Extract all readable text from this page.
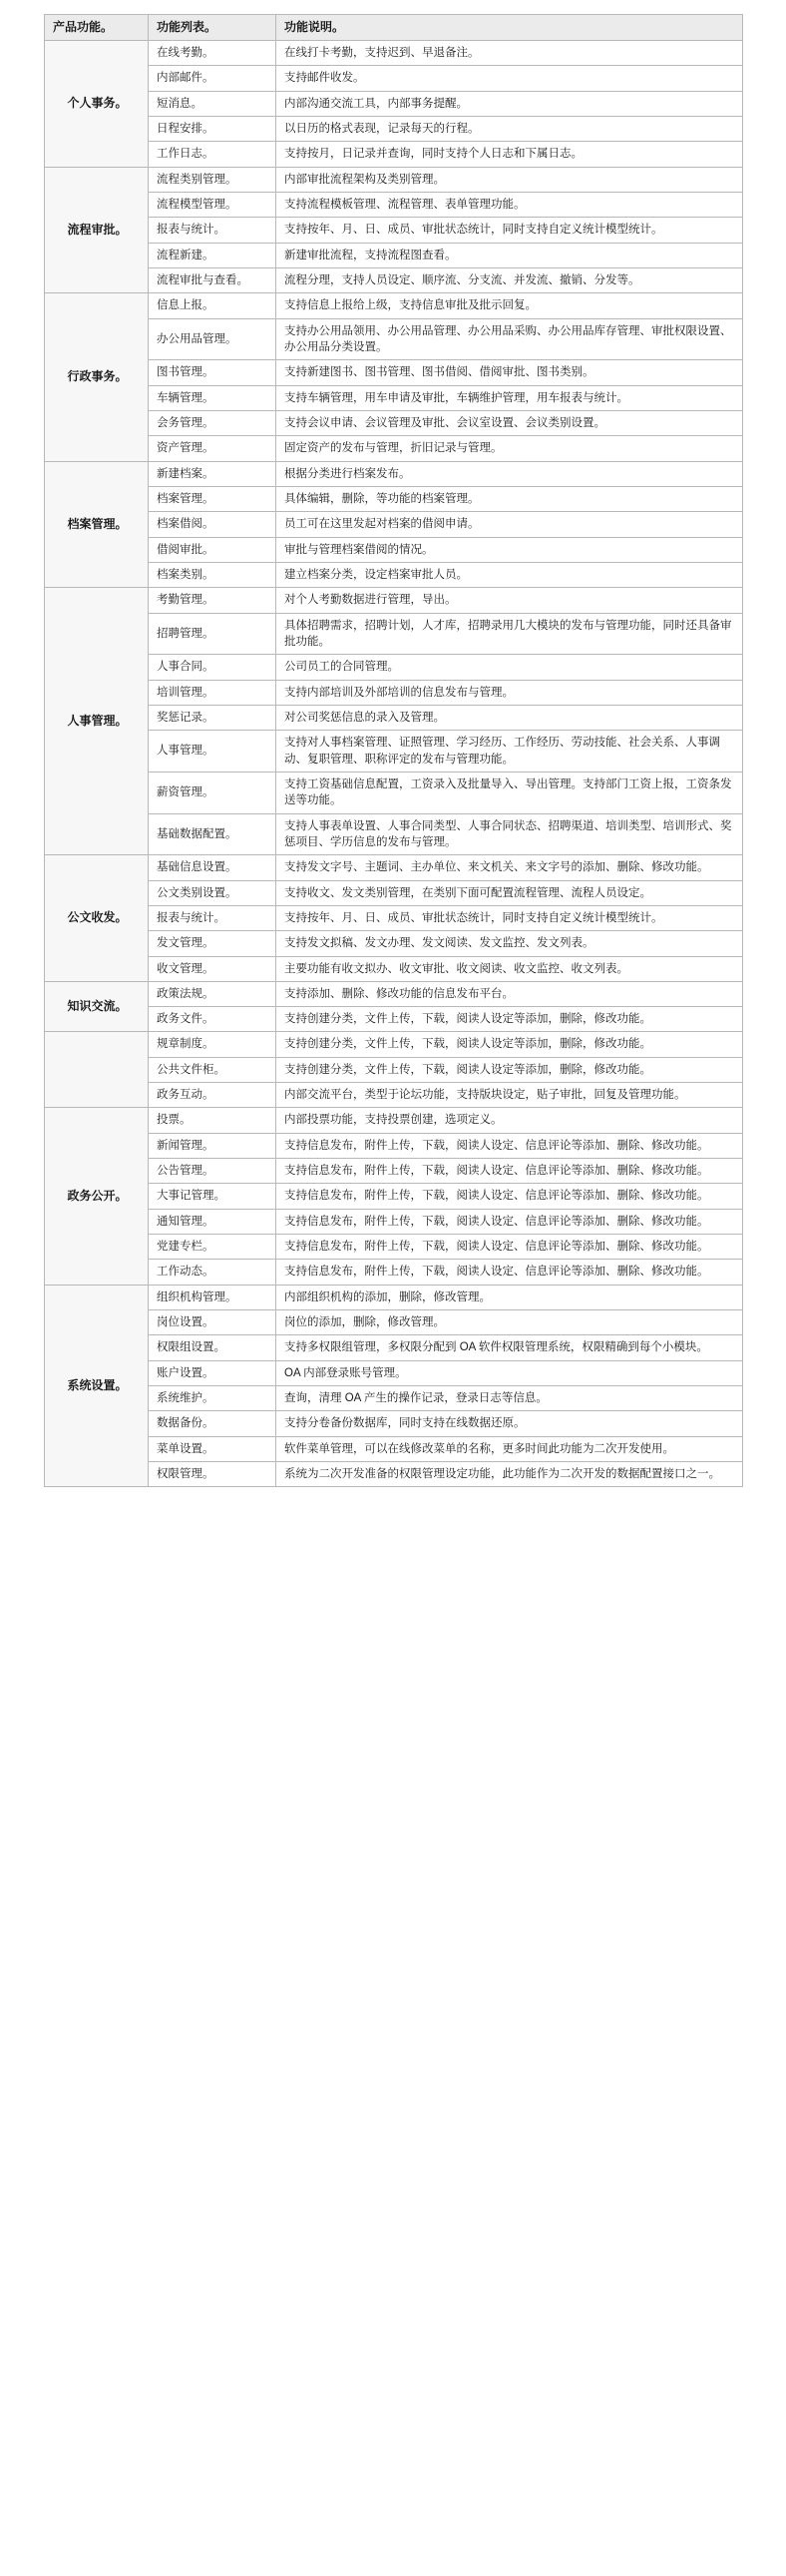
产品功能。	功能列表。	功能说明。
个人事务。	在线考勤。	在线打卡考勤，支持迟到、早退备注。
	内部邮件。	支持邮件收发。
	短消息。	内部沟通交流工具，内部事务提醒。
	日程安排。	以日历的格式表现，记录每天的行程。
	工作日志。	支持按月，日记录并查询，同时支持个人日志和下属日志。
流程审批。	流程类别管理。	内部审批流程架构及类别管理。
	流程模型管理。	支持流程模板管理、流程管理、表单管理功能。
	报表与统计。	支持按年、月、日、成员、审批状态统计，同时支持自定义统计模型统计。
	流程新建。	新建审批流程，支持流程图查看。
	流程审批与查看。	流程分理，支持人员设定、顺序流、分支流、并发流、撤销、分发等。
行政事务。	信息上报。	支持信息上报给上级，支持信息审批及批示回复。
	办公用品管理。	支持办公用品领用、办公用品管理、办公用品采购、办公用品库存管理、审批权限设置、办公用品分类设置。
	图书管理。	支持新建图书、图书管理、图书借阅、借阅审批、图书类别。
	车辆管理。	支持车辆管理，用车申请及审批，车辆维护管理，用车报表与统计。
	会务管理。	支持会议申请、会议管理及审批、会议室设置、会议类别设置。
	资产管理。	固定资产的发布与管理，折旧记录与管理。
档案管理。	新建档案。	根据分类进行档案发布。
	档案管理。	具体编辑，删除，等功能的档案管理。
	档案借阅。	员工可在这里发起对档案的借阅申请。
	借阅审批。	审批与管理档案借阅的情况。
	档案类别。	建立档案分类，设定档案审批人员。
人事管理。	考勤管理。	对个人考勤数据进行管理，导出。
	招聘管理。	具体招聘需求，招聘计划，人才库，招聘录用几大模块的发布与管理功能，同时还具备审批功能。
	人事合同。	公司员工的合同管理。
	培训管理。	支持内部培训及外部培训的信息发布与管理。
	奖惩记录。	对公司奖惩信息的录入及管理。
	人事管理。	支持对人事档案管理、证照管理、学习经历、工作经历、劳动技能、社会关系、人事调动、复职管理、职称评定的发布与管理功能。
	薪资管理。	支持工资基础信息配置，工资录入及批量导入、导出管理。支持部门工资上报，工资条发送等功能。
	基础数据配置。	支持人事表单设置、人事合同类型、人事合同状态、招聘渠道、培训类型、培训形式、奖惩项目、学历信息的发布与管理。
公文收发。	基础信息设置。	支持发文字号、主题词、主办单位、来文机关、来文字号的添加、删除、修改功能。
	公文类别设置。	支持收文、发文类别管理，在类别下面可配置流程管理、流程人员设定。
	报表与统计。	支持按年、月、日、成员、审批状态统计，同时支持自定义统计模型统计。
	发文管理。	支持发文拟稿、发文办理、发文阅读、发文监控、发文列表。
	收文管理。	主要功能有收文拟办、收文审批、收文阅读、收文监控、收文列表。
知识交流。	政策法规。	支持添加、删除、修改功能的信息发布平台。
	政务文件。	支持创建分类，文件上传，下载，阅读人设定等添加，删除，修改功能。
	规章制度。	支持创建分类，文件上传，下载，阅读人设定等添加，删除，修改功能。
	公共文件柜。	支持创建分类，文件上传，下载，阅读人设定等添加，删除，修改功能。
	政务互动。	内部交流平台，类型于论坛功能，支持版块设定，贴子审批，回复及管理功能。
政务公开。	投票。	内部投票功能，支持投票创建，选项定义。
	新闻管理。	支持信息发布，附件上传，下载，阅读人设定、信息评论等添加、删除、修改功能。
	公告管理。	支持信息发布，附件上传，下载，阅读人设定、信息评论等添加、删除、修改功能。
	大事记管理。	支持信息发布，附件上传，下载，阅读人设定、信息评论等添加、删除、修改功能。
	通知管理。	支持信息发布，附件上传，下载，阅读人设定、信息评论等添加、删除、修改功能。
	党建专栏。	支持信息发布，附件上传，下载，阅读人设定、信息评论等添加、删除、修改功能。
	工作动态。	支持信息发布，附件上传，下载，阅读人设定、信息评论等添加、删除、修改功能。
系统设置。	组织机构管理。	内部组织机构的添加，删除，修改管理。
	岗位设置。	岗位的添加，删除，修改管理。
	权限组设置。	支持多权限组管理，多权限分配到 OA 软件权限管理系统，权限精确到每个小模块。
	账户设置。	OA 内部登录账号管理。
	系统维护。	查询，清理 OA 产生的操作记录，登录日志等信息。
	数据备份。	支持分卷备份数据库，同时支持在线数据还原。
	菜单设置。	软件菜单管理，可以在线修改菜单的名称，更多时间此功能为二次开发使用。
	权限管理。	系统为二次开发准备的权限管理设定功能，此功能作为二次开发的数据配置接口之一。
